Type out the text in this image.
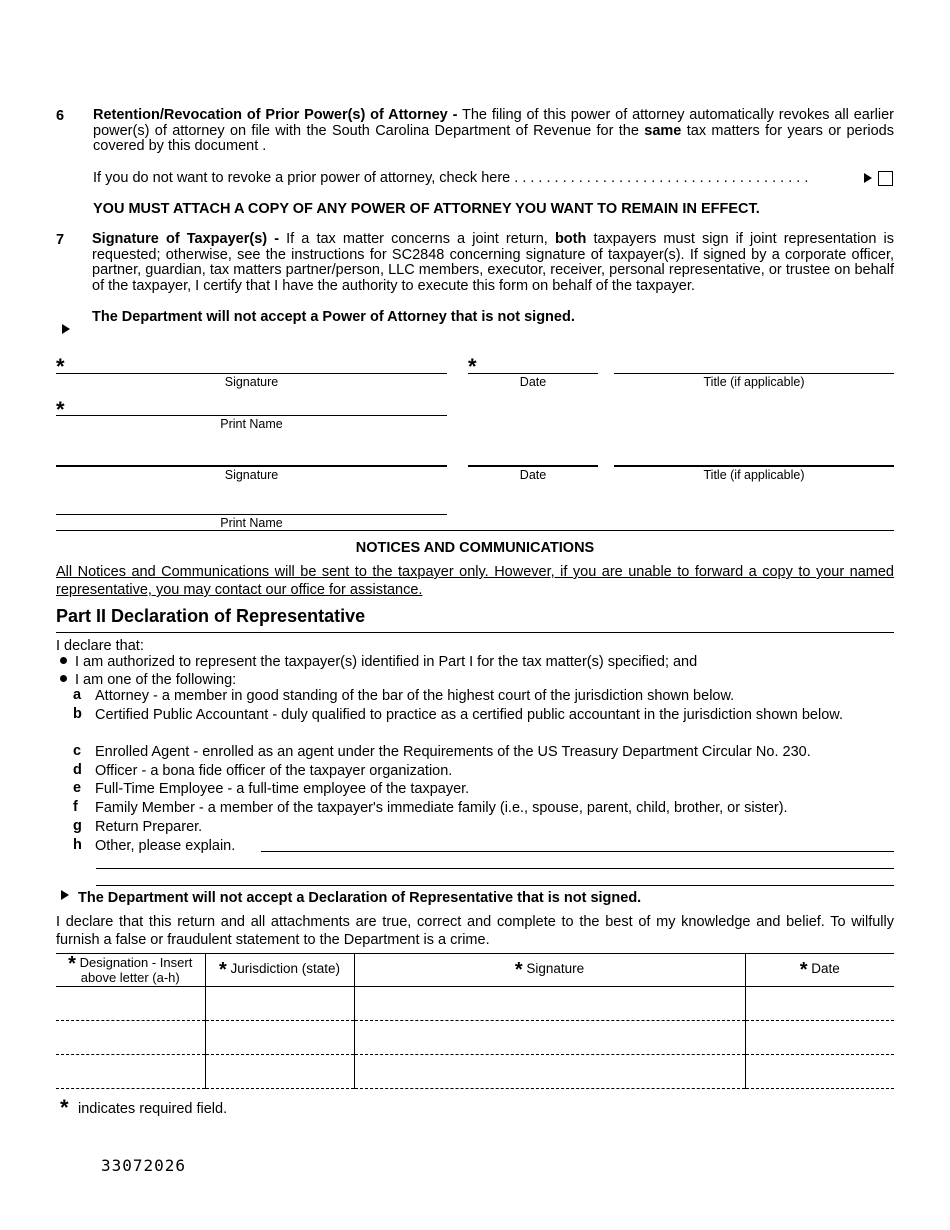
6 Retention/Revocation of Prior Power(s) of Attorney - The filing of this power of attorney automatically revokes all earlier power(s) of attorney on file with the South Carolina Department of Revenue for the same tax matters for years or periods covered by this document .
If you do not want to revoke a prior power of attorney, check here . . . . . . . . . . . . . . . . . . . . . . . . . . . . . . . . . . . . .
YOU MUST ATTACH A COPY OF ANY POWER OF ATTORNEY YOU WANT TO REMAIN IN EFFECT.
7 Signature of Taxpayer(s) - If a tax matter concerns a joint return, both taxpayers must sign if joint representation is requested; otherwise, see the instructions for SC2848 concerning signature of taxpayer(s). If signed by a corporate officer, partner, guardian, tax matters partner/person, LLC members, executor, receiver, personal representative, or trustee on behalf of the taxpayer, I certify that I have the authority to execute this form on behalf of the taxpayer.
The Department will not accept a Power of Attorney that is not signed.
*	*
Signature	Date	Title (if applicable)
*
Print Name
Signature	Date	Title (if applicable)
Print Name
NOTICES AND COMMUNICATIONS
All Notices and Communications will be sent to the taxpayer only. However, if you are unable to forward a copy to your named representative, you may contact our office for assistance.
Part II Declaration of Representative
I declare that:
I am authorized to represent the taxpayer(s) identified in Part I for the tax matter(s) specified; and
I am one of the following:
a Attorney - a member in good standing of the bar of the highest court of the jurisdiction shown below.
b Certified Public Accountant - duly qualified to practice as a certified public accountant in the jurisdiction shown below.
c Enrolled Agent - enrolled as an agent under the Requirements of the US Treasury Department Circular No. 230.
d Officer - a bona fide officer of the taxpayer organization.
e Full-Time Employee - a full-time employee of the taxpayer.
f Family Member - a member of the taxpayer's immediate family (i.e., spouse, parent, child, brother, or sister).
g Return Preparer.
h Other, please explain.
The Department will not accept a Declaration of Representative that is not signed.
I declare that this return and all attachments are true, correct and complete to the best of my knowledge and belief. To wilfully furnish a false or fraudulent statement to the Department is a crime.
* Designation - Insert above letter (a-h)	* Jurisdiction (state)	* Signature	* Date

* indicates required field.
33072026
